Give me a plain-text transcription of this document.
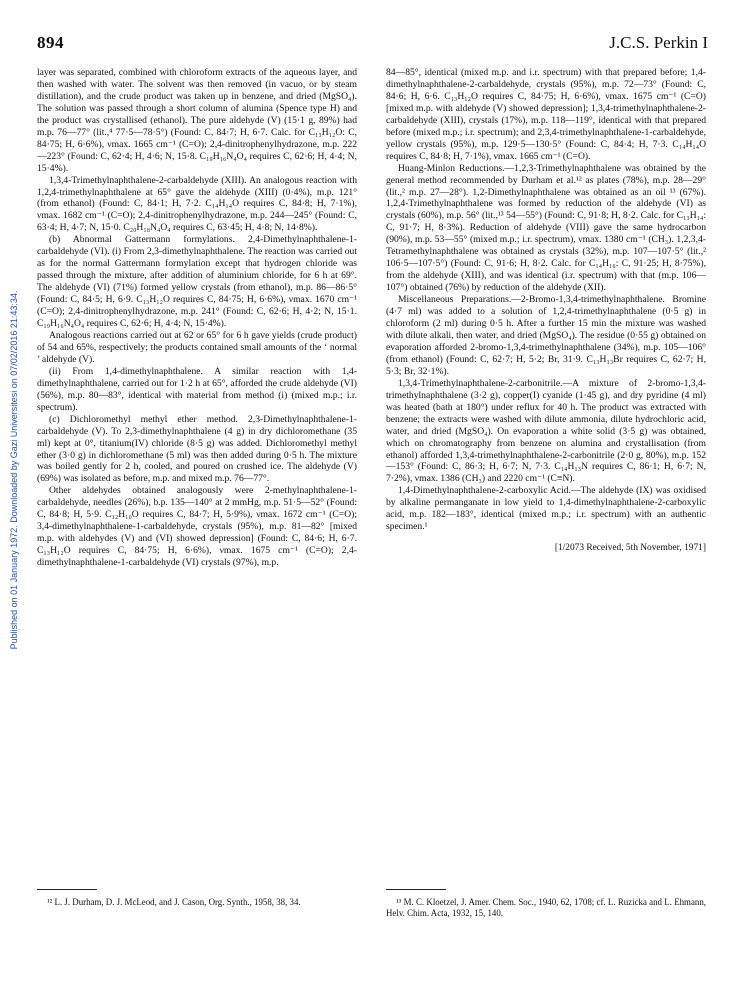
894	J.C.S. Perkin I
Published on 01 January 1972. Downloaded by Gazi Universitesi on 07/02/2016 21:43:34.

layer was separated, combined with chloroform extracts of the aqueous layer, and then washed with water. The solvent was then removed (in vacuo, or by steam distillation), and the crude product was taken up in benzene, and dried (MgSO₄). The solution was passed through a short column of alumina (Spence type H) and the product was crystallised (ethanol). The pure aldehyde (V) (15·1 g, 89%) had m.p. 76—77° (lit.,⁴ 77·5—78·5°) (Found: C, 84·7; H, 6·7. Calc. for C₁₃H₁₂O: C, 84·75; H, 6·6%), νmax. 1665 cm⁻¹ (C=O); 2,4-dinitrophenylhydrazone, m.p. 222—223° (Found: C, 62·4; H, 4·6; N, 15·8. C₁₉H₁₆N₄O₄ requires C, 62·6; H, 4·4; N, 15·4%).

1,3,4-Trimethylnaphthalene-2-carbaldehyde (XIII). An analogous reaction with 1,2,4-trimethylnaphthalene at 65° gave the aldehyde (XIII) (0·4%), m.p. 121° (from ethanol) (Found: C, 84·1; H, 7·2. C₁₄H₁₄O requires C, 84·8; H, 7·1%), νmax. 1682 cm⁻¹ (C=O); 2,4-dinitrophenylhydrazone, m.p. 244—245° (Found: C, 63·4; H, 4·7; N, 15·0. C₂₀H₁₈N₄O₄ requires C, 63·45; H, 4·8; N, 14·8%).

(b) Abnormal Gattermann formylations. 2,4-Dimethylnaphthalene-1-carbaldehyde (VI). (i) From 2,3-dimethylnaphthalene. The reaction was carried out as for the normal Gattermann formylation except that hydrogen chloride was passed through the mixture, after addition of aluminium chloride, for 6 h at 69°. The aldehyde (VI) (71%) formed yellow crystals (from ethanol), m.p. 86—86·5° (Found: C, 84·5; H, 6·9. C₁₃H₁₂O requires C, 84·75; H, 6·6%), νmax. 1670 cm⁻¹ (C=O); 2,4-dinitrophenylhydrazone, m.p. 241° (Found: C, 62·6; H, 4·2; N, 15·1. C₁₉H₁₆N₄O₄ requires C, 62·6; H, 4·4; N, 15·4%).

Analogous reactions carried out at 62 or 65° for 6 h gave yields (crude product) of 54 and 65%, respectively; the products contained small amounts of the ‘ normal ’ aldehyde (V).

(ii) From 1,4-dimethylnaphthalene. A similar reaction with 1,4-dimethylnaphthalene, carried out for 1·2 h at 65°, afforded the crude aldehyde (VI) (56%), m.p. 80—83°, identical with material from method (i) (mixed m.p.; i.r. spectrum).

(c) Dichloromethyl methyl ether method. 2,3-Dimethylnaphthalene-1-carbaldehyde (V). To 2,3-dimethylnaphthalene (4 g) in dry dichloromethane (35 ml) kept at 0°, titanium(IV) chloride (8·5 g) was added. Dichloromethyl methyl ether (3·0 g) in dichloromethane (5 ml) was then added during 0·5 h. The mixture was boiled gently for 2 h, cooled, and poured on crushed ice. The aldehyde (V) (69%) was isolated as before, m.p. and mixed m.p. 76—77°.

Other aldehydes obtained analogously were 2-methylnaphthalene-1-carbaldehyde, needles (26%), b.p. 135—140° at 2 mmHg, m.p. 51·5—52° (Found: C, 84·8; H, 5·9. C₁₂H₁₀O requires C, 84·7; H, 5·9%), νmax. 1672 cm⁻¹ (C=O); 3,4-dimethylnaphthalene-1-carbaldehyde, crystals (95%), m.p. 81—82° [mixed m.p. with aldehydes (V) and (VI) showed depression] (Found: C, 84·6; H, 6·7. C₁₃H₁₂O requires C, 84·75; H, 6·6%), νmax. 1675 cm⁻¹ (C=O); 2,4-dimethylnaphthalene-1-carbaldehyde (VI) crystals (97%), m.p.

84—85°, identical (mixed m.p. and i.r. spectrum) with that prepared before; 1,4-dimethylnaphthalene-2-carbaldehyde, crystals (95%), m.p. 72—73° (Found: C, 84·6; H, 6·6. C₁₃H₁₂O requires C, 84·75; H, 6·6%), νmax. 1675 cm⁻¹ (C=O) [mixed m.p. with aldehyde (V) showed depression]; 1,3,4-trimethylnaphthalene-2-carbaldehyde (XIII), crystals (17%), m.p. 118—119°, identical with that prepared before (mixed m.p.; i.r. spectrum); and 2,3,4-trimethylnaphthalene-1-carbaldehyde, yellow crystals (95%), m.p. 129·5—130·5° (Found: C, 84·4; H, 7·3. C₁₄H₁₄O requires C, 84·8; H, 7·1%), νmax. 1665 cm⁻¹ (C=O).

Huang-Minlon Reductions.—1,2,3-Trimethylnaphthalene was obtained by the general method recommended by Durham et al.¹² as plates (78%), m.p. 28—29° (lit.,² m.p. 27—28°). 1,2-Dimethylnaphthalene was obtained as an oil ¹³ (67%). 1,2,4-Trimethylnaphthalene was formed by reduction of the aldehyde (VI) as crystals (60%), m.p. 56° (lit.,¹³ 54—55°) (Found: C, 91·8; H, 8·2. Calc. for C₁₃H₁₄: C, 91·7; H, 8·3%). Reduction of aldehyde (VIII) gave the same hydrocarbon (90%), m.p. 53—55° (mixed m.p.; i.r. spectrum), νmax. 1380 cm⁻¹ (CH₃). 1,2,3,4-Tetramethylnaphthalene was obtained as crystals (32%), m.p. 107—107·5° (lit.,² 106·5—107·5°) (Found: C, 91·6; H, 8·2. Calc. for C₁₄H₁₆: C, 91·25; H, 8·75%), from the aldehyde (XIII), and was identical (i.r. spectrum) with that (m.p. 106—107°) obtained (76%) by reduction of the aldehyde (XII).

Miscellaneous Preparations.—2-Bromo-1,3,4-trimethylnaphthalene. Bromine (4·7 ml) was added to a solution of 1,2,4-trimethylnaphthalene (0·5 g) in chloroform (2 ml) during 0·5 h. After a further 15 min the mixture was washed with dilute alkali, then water, and dried (MgSO₄). The residue (0·55 g) obtained on evaporation afforded 2-bromo-1,3,4-trimethylnaphthalene (34%), m.p. 105—106° (from ethanol) (Found: C, 62·7; H, 5·2; Br, 31·9. C₁₃H₁₃Br requires C, 62·7; H, 5·3; Br, 32·1%).

1,3,4-Trimethylnaphthalene-2-carbonitrile.—A mixture of 2-bromo-1,3,4-trimethylnaphthalene (3·2 g), copper(I) cyanide (1·45 g), and dry pyridine (4 ml) was heated (bath at 180°) under reflux for 40 h. The product was extracted with benzene; the extracts were washed with dilute ammonia, dilute hydrochloric acid, water, and dried (MgSO₄). On evaporation a white solid (3·5 g) was obtained, which on chromatography from benzene on alumina and crystallisation (from ethanol) afforded 1,3,4-trimethylnaphthalene-2-carbonitrile (2·0 g, 80%), m.p. 152—153° (Found: C, 86·3; H, 6·7; N, 7·3. C₁₄H₁₃N requires C, 86·1; H, 6·7; N, 7·2%), νmax. 1386 (CH₃) and 2220 cm⁻¹ (C≡N).

1,4-Dimethylnaphthalene-2-carboxylic Acid.—The aldehyde (IX) was oxidised by alkaline permanganate in low yield to 1,4-dimethylnaphthalene-2-carboxylic acid, m.p. 182—183°, identical (mixed m.p.; i.r. spectrum) with an authentic specimen.¹

[1/2073 Received, 5th November, 1971]
¹² L. J. Durham, D. J. McLeod, and J. Cason, Org. Synth., 1958, 38, 34.	¹³ M. C. Kloetzel, J. Amer. Chem. Soc., 1940, 62, 1708; cf. L. Ruzicka and L. Ehmann, Helv. Chim. Acta, 1932, 15, 140.
